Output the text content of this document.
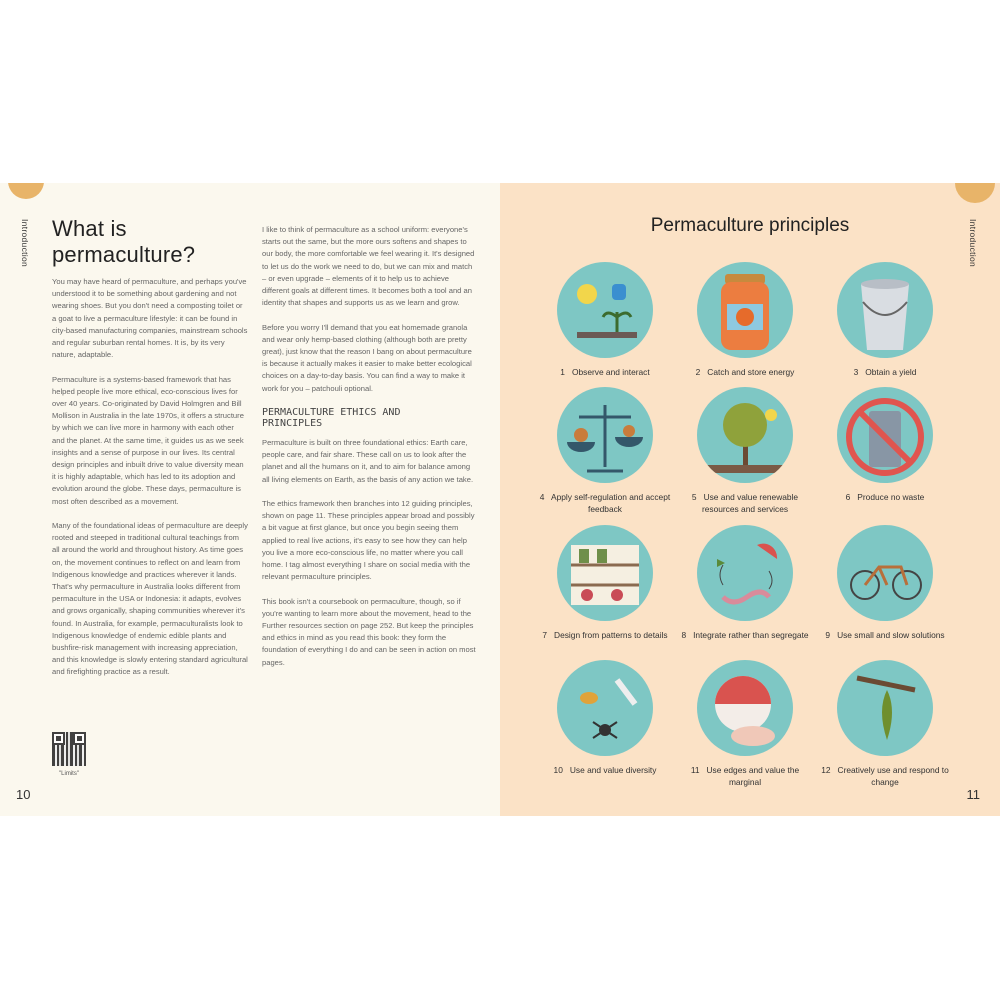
Introduction What is permaculture?

You may have heard of permaculture, and perhaps you've understood it to be something about gardening and not wearing shoes. But you don't need a composting toilet or a goat to live a permaculture lifestyle: it can be found in city-based manufacturing companies, mainstream schools and regular suburban rental homes. It is, by its very nature, adaptable.

Permaculture is a systems-based framework that has helped people live more ethical, eco-conscious lives for over 40 years. Co-originated by David Holmgren and Bill Mollison in Australia in the late 1970s, it offers a structure by which we can live more in harmony with each other and the planet. At the same time, it guides us as we seek insights and a sense of purpose in our lives. Its central design principles and inbuilt drive to value diversity mean it is highly adaptable, which has led to its adoption and evolution around the globe. These days, permaculture is most often described as a movement.

Many of the foundational ideas of permaculture are deeply rooted and steeped in traditional cultural teachings from all around the world and throughout history. As time goes on, the movement continues to reflect on and learn from Indigenous knowledge and practices wherever it lands. That's why permaculture in Australia looks different from permaculture in the USA or Indonesia: it adapts, evolves and grows organically, shaping communities wherever it's found. In Australia, for example, permaculturalists look to Indigenous knowledge of endemic edible plants and bushfire-risk management with increasing appreciation, and this knowledge is slowly entering standard agricultural and firefighting practice as a result.

"Limits"

I like to think of permaculture as a school uniform: everyone's starts out the same, but the more ours softens and shapes to our body, the more comfortable we feel wearing it. It's designed to let us do the work we need to do, but we can mix and match – or even upgrade – elements of it to help us to achieve different goals at different times. It becomes both a tool and an identity that shapes and supports us as we learn and grow.

Before you worry I'll demand that you eat homemade granola and wear only hemp-based clothing (although both are pretty great), just know that the reason I bang on about permaculture is because it actually makes it easier to make better ecological choices on a day-to-day basis. You can find a way to make it work for you – patchouli optional.

PERMACULTURE ETHICS AND PRINCIPLES

Permaculture is built on three foundational ethics: Earth care, people care, and fair share. These call on us to look after the planet and all the humans on it, and to aim for balance among all living elements on Earth, as the basis of any action we take.

The ethics framework then branches into 12 guiding principles, shown on page 11. These principles appear broad and possibly a bit vague at first glance, but once you begin seeing them applied to real live actions, it's easy to see how they can help you live a more eco-conscious life, no matter where you call home. I tag almost everything I share on social media with the relevant permaculture principles.

This book isn't a coursebook on permaculture, though, so if you're wanting to learn more about the movement, head to the Further resources section on page 252. But keep the principles and ethics in mind as you read this book: they form the foundation of everything I do and can be seen in action on most pages.

10
Introduction
Permaculture principles
1 Observe and interact	2 Catch and store energy	3 Obtain a yield
4 Apply self-regulation and accept feedback
5 Use and value renewable resources and services
6 Produce no waste
7 Design from patterns to details	8 Integrate rather than segregate	9 Use small and slow solutions
10 Use and value diversity	11 Use edges and value the marginal
12 Creatively use and respond to change
11
